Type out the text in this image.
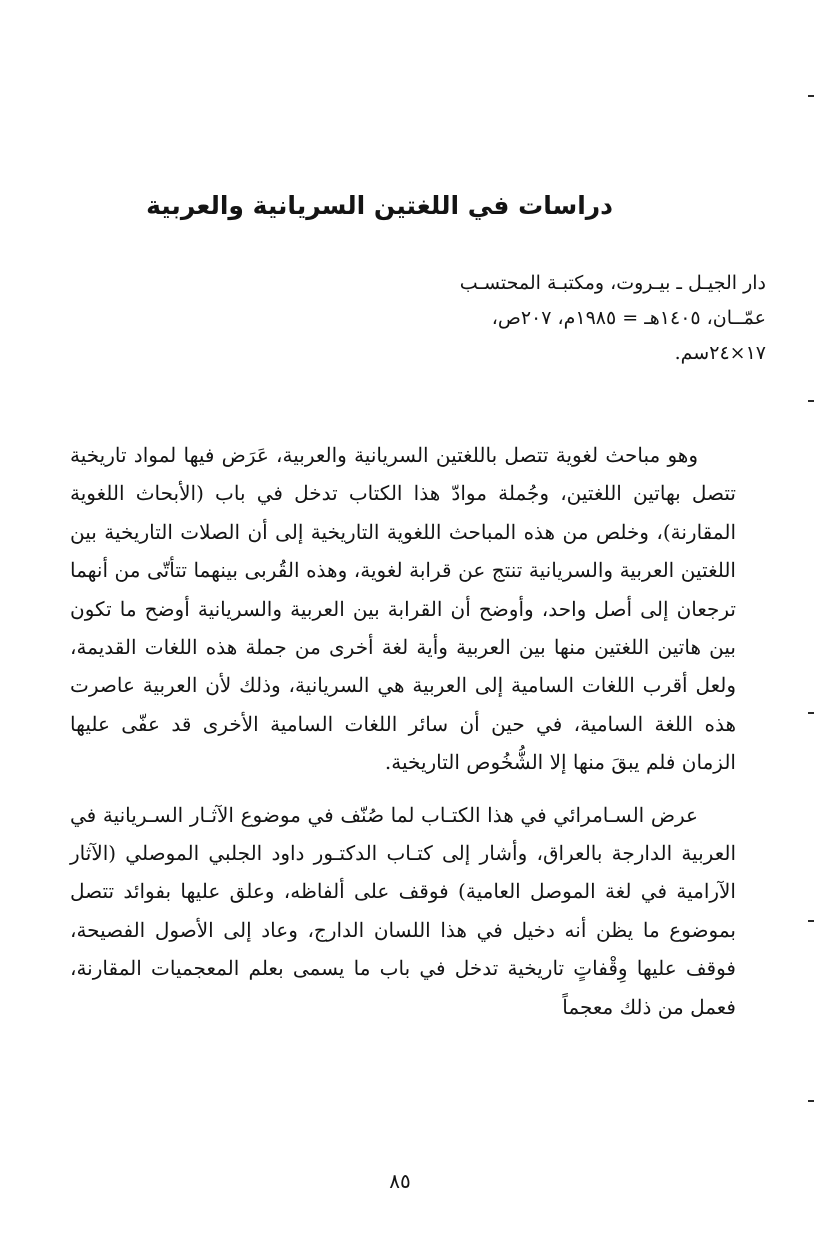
دراسات في اللغتين السريانية والعربية
دار الجيـل ـ بيـروت، ومكتبـة المحتسـب
عمّــان، ١٤٠٥هـ = ١٩٨٥م، ٢٠٧ص،
١٧×٢٤سم.

وهو مباحث لغوية تتصل باللغتين السريانية والعربية، عَرَض فيها لمواد تاريخية تتصل بهاتين اللغتين، وجُملة موادّ هذا الكتاب تدخل في باب (الأبحاث اللغوية المقارنة)، وخلص من هذه المباحث اللغوية التاريخية إلى أن الصلات التاريخية بين اللغتين العربية والسريانية تنتج عن قرابة لغوية، وهذه القُربى بينهما تتأتّى من أنهما ترجعان إلى أصل واحد، وأوضح أن القرابة بين العربية والسريانية أوضح ما تكون بين هاتين اللغتين منها بين العربية وأية لغة أخرى من جملة هذه اللغات القديمة، ولعل أقرب اللغات السامية إلى العربية هي السريانية، وذلك لأن العربية عاصرت هذه اللغة السامية، في حين أن سائر اللغات السامية الأخرى قد عفّى عليها الزمان فلم يبقَ منها إلا الشُّخُوص التاريخية.

عرض السـامرائي في هذا الكتـاب لما صُنّف في موضوع الآثـار السـريانية في العربية الدارجة بالعراق، وأشار إلى كتـاب الدكتـور داود الجلبي الموصلي (الآثار الآرامية في لغة الموصل العامية) فوقف على ألفاظه، وعلق عليها بفوائد تتصل بموضوع ما يظن أنه دخيل في هذا اللسان الدارج، وعاد إلى الأصول الفصيحة، فوقف عليها وِقْفاتٍ تاريخية تدخل في باب ما يسمى بعلم المعجميات المقارنة، فعمل من ذلك معجماً

٨٥
